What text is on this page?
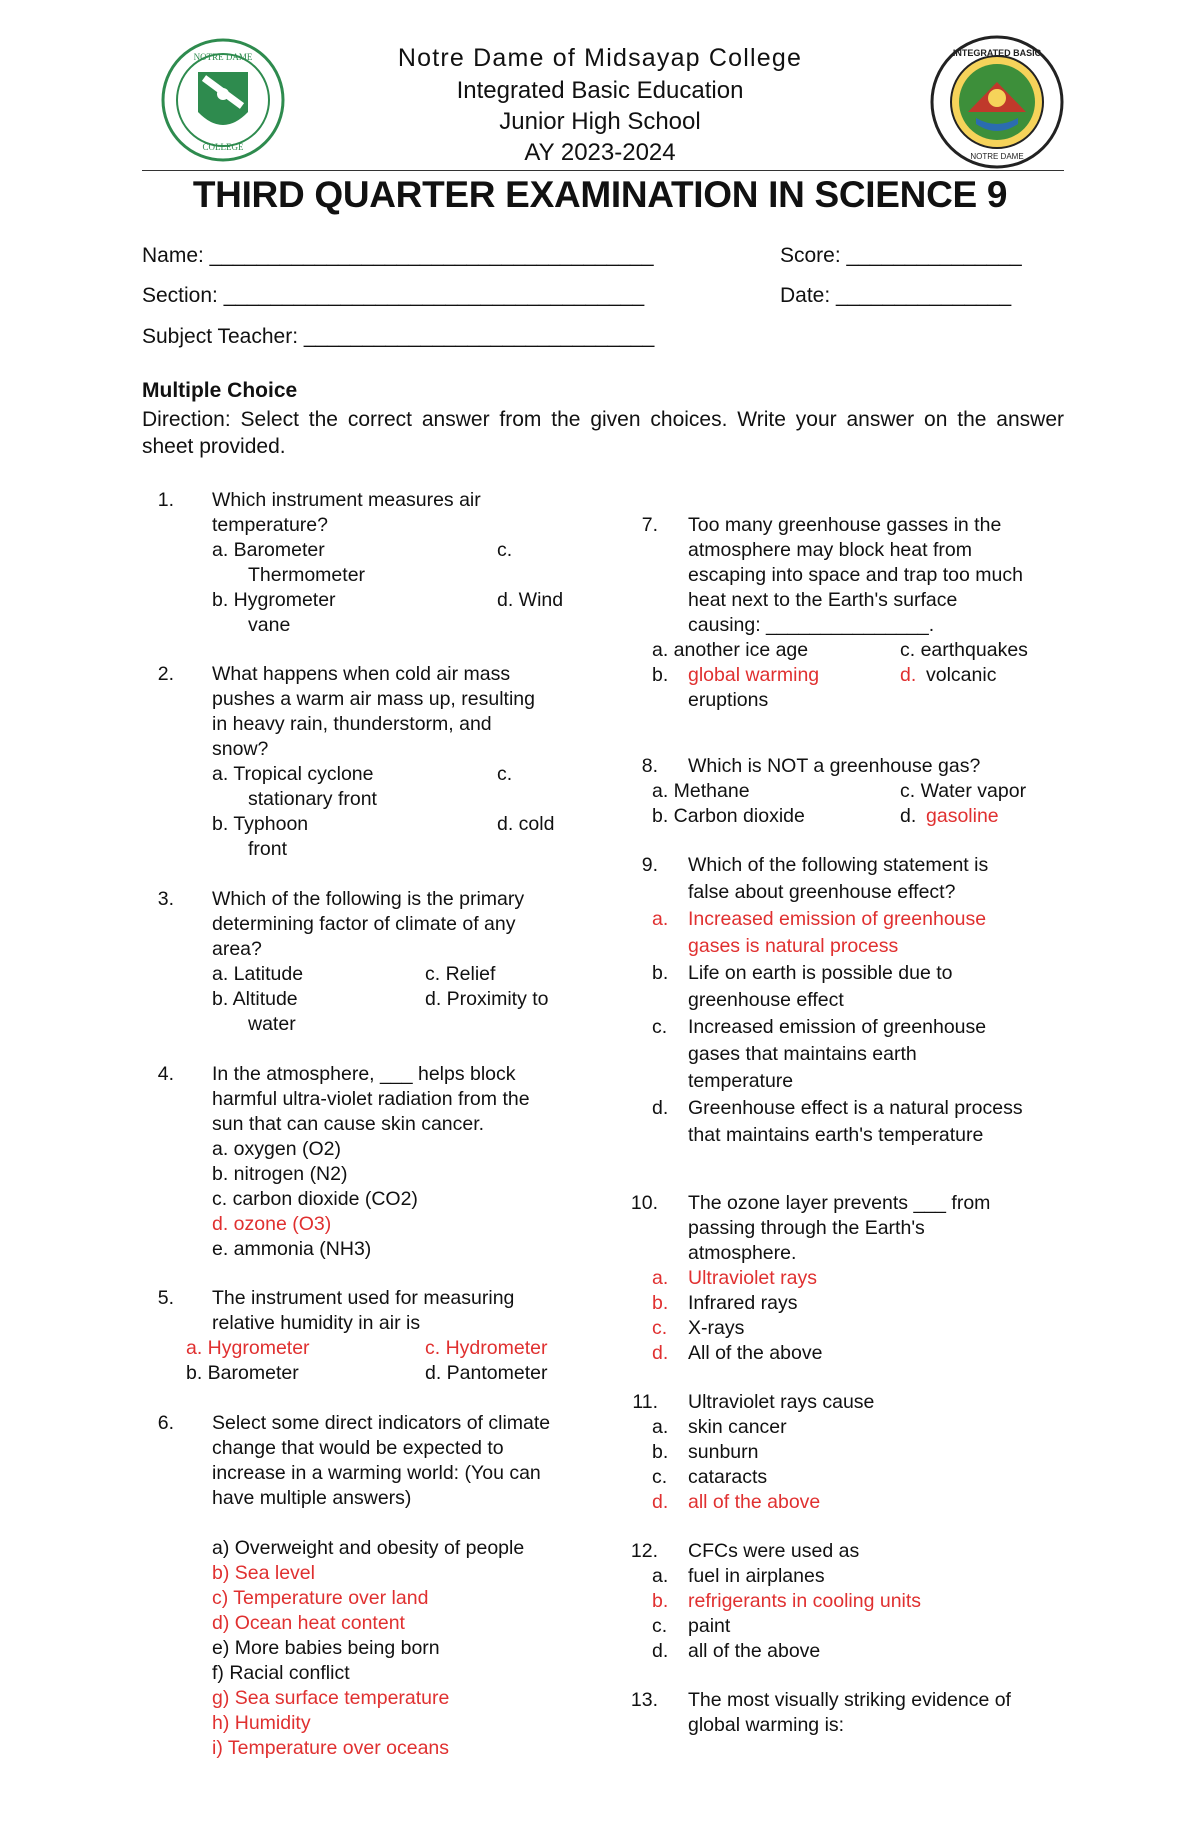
NOTRE DAME
COLLEGE
INTEGRATED BASIC
NOTRE DAME
Notre Dame of Midsayap College
Integrated Basic Education
Junior High School
AY 2023-2024
THIRD QUARTER EXAMINATION IN SCIENCE 9
Name: ______________________________________
Section: ____________________________________
Subject Teacher: ______________________________
Score: _______________
Date: _______________
Multiple Choice
Direction: Select the correct answer from the given choices. Write your answer on the answer sheet provided.
1. Which instrument measures air
temperature?
a. Barometer	c.
Thermometer
b. Hygrometer	d. Wind
vane
2. What happens when cold air mass
pushes a warm air mass up, resulting
in heavy rain, thunderstorm, and
snow?
a. Tropical cyclone	c.
stationary front
b. Typhoon	d. cold
front
3. Which of the following is the primary
determining factor of climate of any
area?
a. Latitude	c. Relief
b. Altitude	d. Proximity to
water
4. In the atmosphere, ___ helps block
harmful ultra-violet radiation from the
sun that can cause skin cancer.
a. oxygen (O2)
b. nitrogen (N2)
c. carbon dioxide (CO2)
d. ozone (O3)
e. ammonia (NH3)
5. The instrument used for measuring
relative humidity in air is
a. Hygrometer	c. Hydrometer
b. Barometer	d. Pantometer
6. Select some direct indicators of climate
change that would be expected to
increase in a warming world: (You can
have multiple answers)
a) Overweight and obesity of people
b) Sea level
c) Temperature over land
d) Ocean heat content
e) More babies being born
f) Racial conflict
g) Sea surface temperature
h) Humidity
i) Temperature over oceans
7. Too many greenhouse gasses in the
atmosphere may block heat from
escaping into space and trap too much
heat next to the Earth's surface
causing: _______________.
a. another ice age	c. earthquakes
b. global warming	d. volcanic
eruptions
8. Which is NOT a greenhouse gas?
a. Methane	c. Water vapor
b. Carbon dioxide	d. gasoline
9. Which of the following statement is
false about greenhouse effect?
a. Increased emission of greenhouse
gases is natural process
b. Life on earth is possible due to
greenhouse effect
c. Increased emission of greenhouse
gases that maintains earth
temperature
d. Greenhouse effect is a natural process
that maintains earth's temperature
10. The ozone layer prevents ___ from
passing through the Earth's
atmosphere.
a. Ultraviolet rays
b. Infrared rays
c. X-rays
d. All of the above
11. Ultraviolet rays cause
a. skin cancer
b. sunburn
c. cataracts
d. all of the above
12. CFCs were used as
a. fuel in airplanes
b. refrigerants in cooling units
c. paint
d. all of the above
13. The most visually striking evidence of
global warming is:
